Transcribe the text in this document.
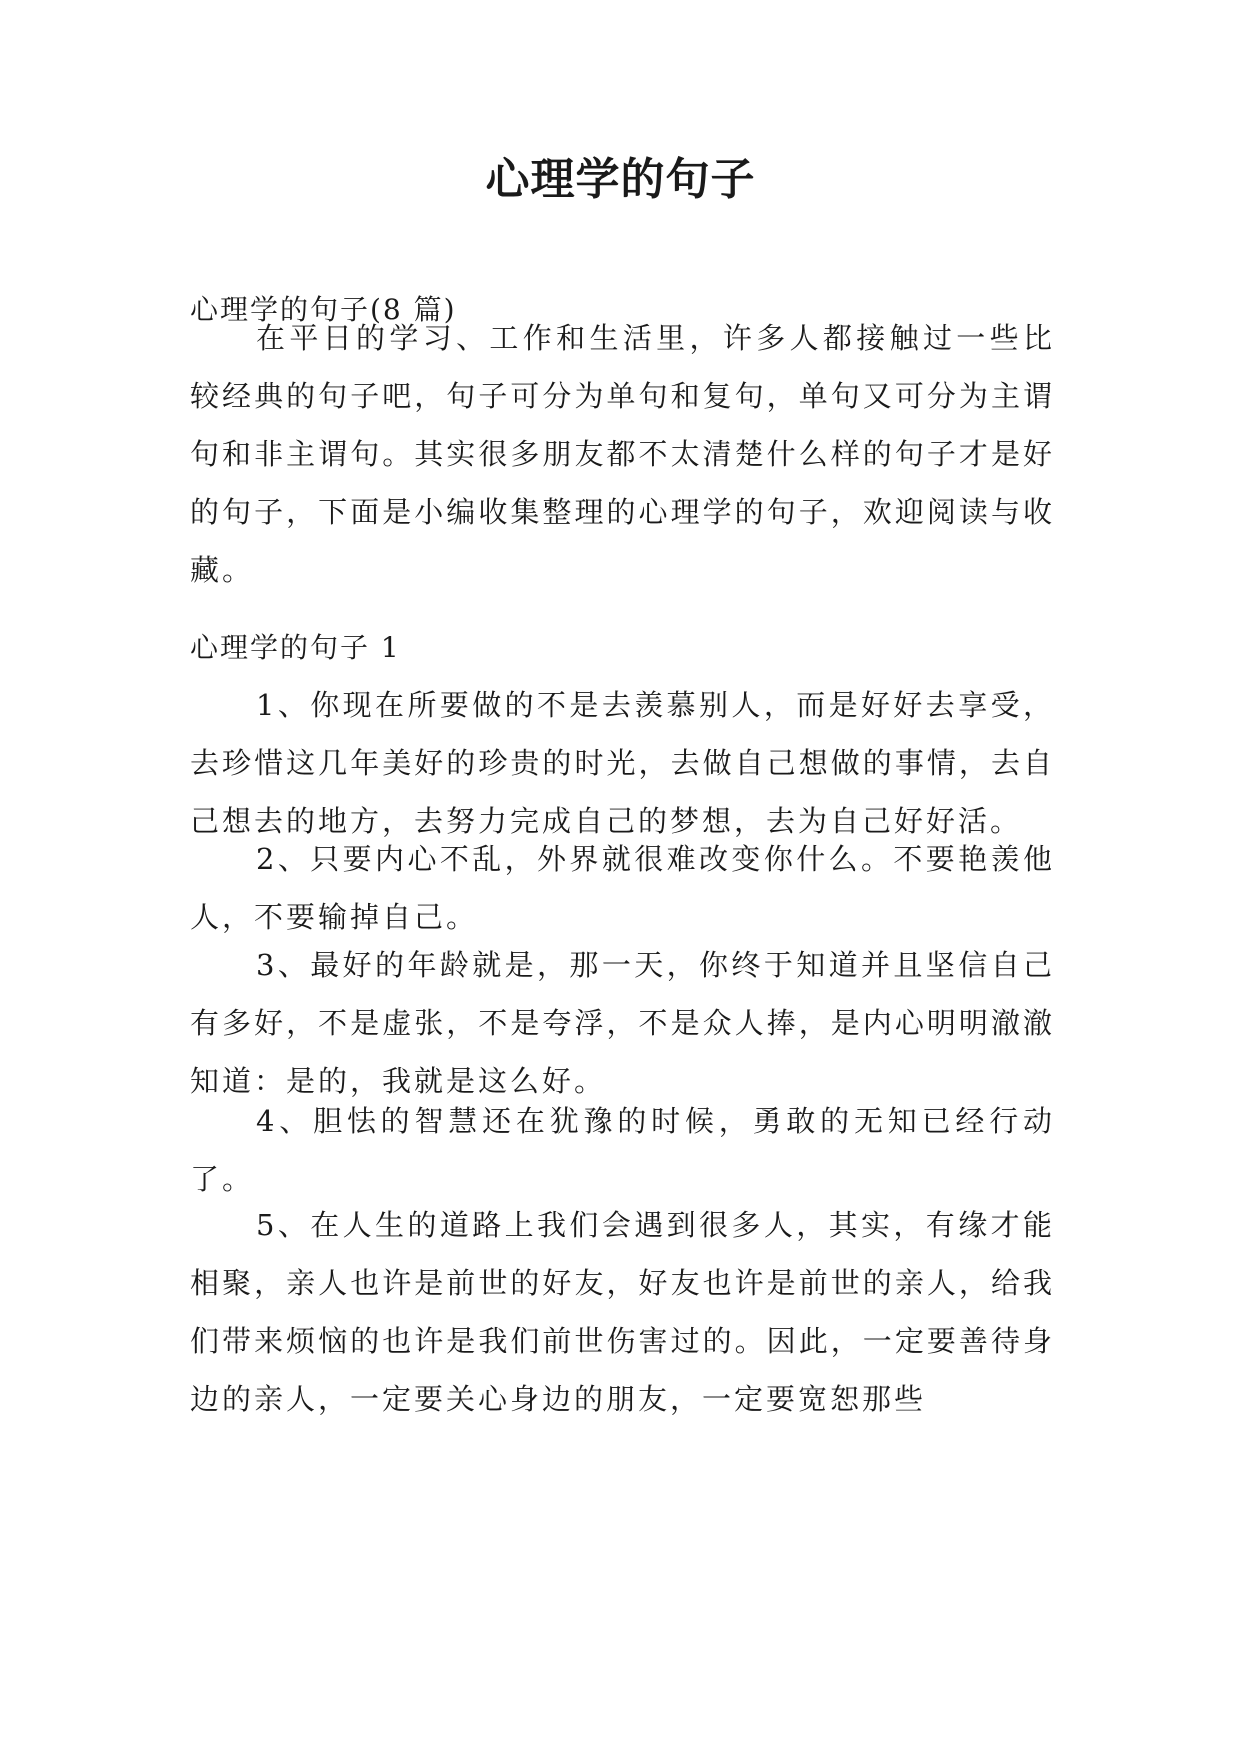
心理学的句子

心理学的句子(8 篇)

在平日的学习、工作和生活里，许多人都接触过一些比较经典的句子吧，句子可分为单句和复句，单句又可分为主谓句和非主谓句。其实很多朋友都不太清楚什么样的句子才是好的句子，下面是小编收集整理的心理学的句子，欢迎阅读与收藏。

心理学的句子 1

1、你现在所要做的不是去羡慕别人，而是好好去享受，去珍惜这几年美好的珍贵的时光，去做自己想做的事情，去自己想去的地方，去努力完成自己的梦想，去为自己好好活。

2、只要内心不乱，外界就很难改变你什么。不要艳羡他人，不要输掉自己。

3、最好的年龄就是，那一天，你终于知道并且坚信自己有多好，不是虚张，不是夸浮，不是众人捧，是内心明明澈澈知道：是的，我就是这么好。

4、胆怯的智慧还在犹豫的时候，勇敢的无知已经行动了。

5、在人生的道路上我们会遇到很多人，其实，有缘才能相聚，亲人也许是前世的好友，好友也许是前世的亲人，给我们带来烦恼的也许是我们前世伤害过的。因此，一定要善待身边的亲人，一定要关心身边的朋友，一定要宽恕那些
